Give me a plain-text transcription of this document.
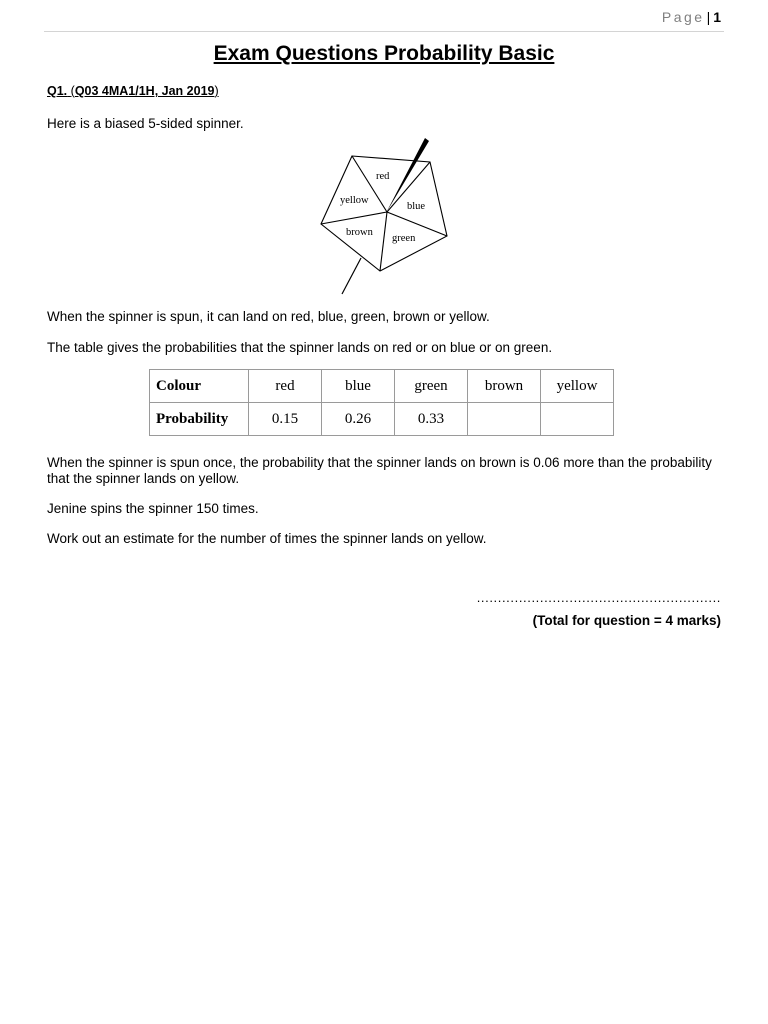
Page | 1
Exam Questions Probability Basic
Q1. (Q03 4MA1/1H, Jan 2019)
Here is a biased 5-sided spinner.
red
yellow
blue
brown
green
When the spinner is spun, it can land on red, blue, green, brown or yellow.
The table gives the probabilities that the spinner lands on red or on blue or on green.
Colour	red	blue	green	brown	yellow
Probability	0.15	0.26	0.33		
When the spinner is spun once, the probability that the spinner lands on brown is 0.06 more than the probability that the spinner lands on yellow.
Jenine spins the spinner 150 times.
Work out an estimate for the number of times the spinner lands on yellow.
..........................................................
(Total for question = 4 marks)
